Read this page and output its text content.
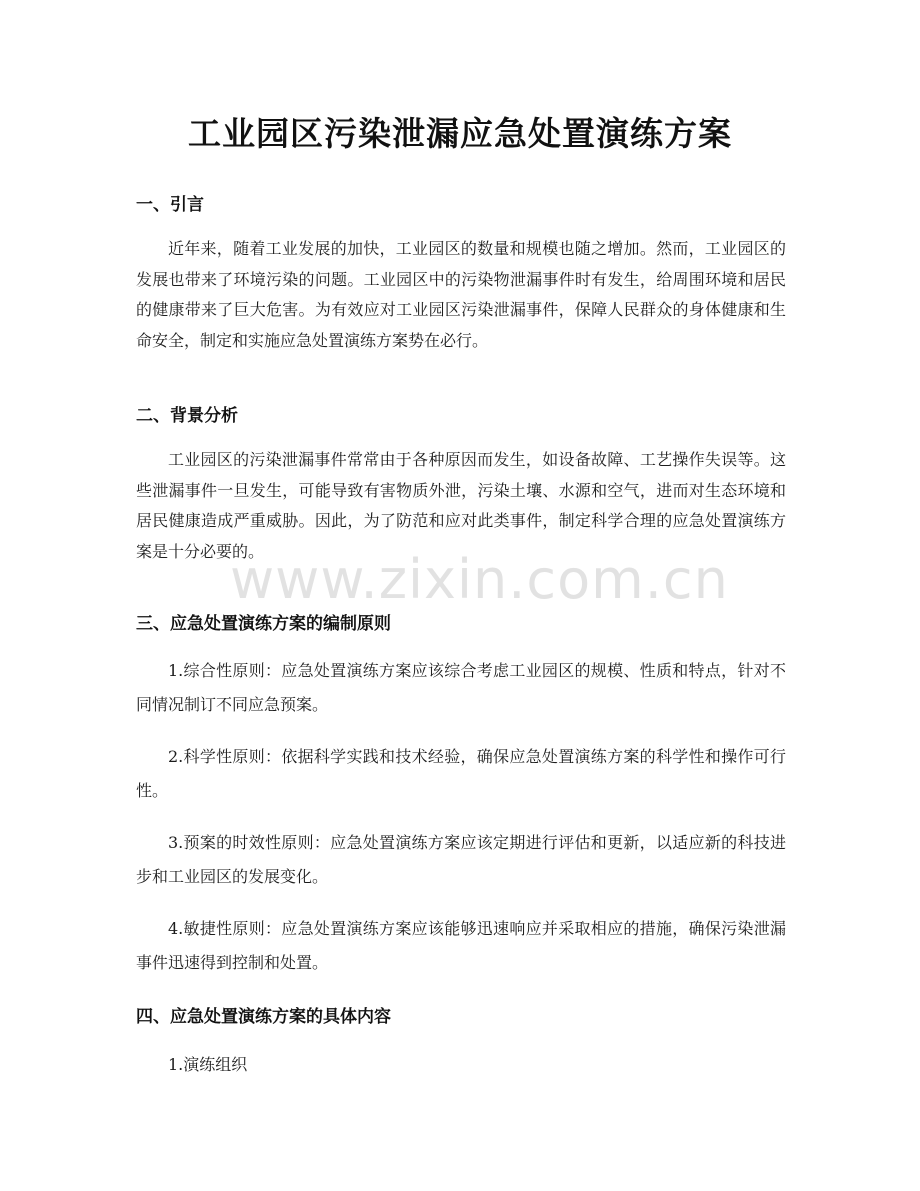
工业园区污染泄漏应急处置演练方案
一、引言

近年来，随着工业发展的加快，工业园区的数量和规模也随之增加。然而，工业园区的发展也带来了环境污染的问题。工业园区中的污染物泄漏事件时有发生，给周围环境和居民的健康带来了巨大危害。为有效应对工业园区污染泄漏事件，保障人民群众的身体健康和生命安全，制定和实施应急处置演练方案势在必行。

二、背景分析

工业园区的污染泄漏事件常常由于各种原因而发生，如设备故障、工艺操作失误等。这些泄漏事件一旦发生，可能导致有害物质外泄，污染土壤、水源和空气，进而对生态环境和居民健康造成严重威胁。因此，为了防范和应对此类事件，制定科学合理的应急处置演练方案是十分必要的。

三、应急处置演练方案的编制原则

1.综合性原则：应急处置演练方案应该综合考虑工业园区的规模、性质和特点，针对不同情况制订不同应急预案。

2.科学性原则：依据科学实践和技术经验，确保应急处置演练方案的科学性和操作可行性。

3.预案的时效性原则：应急处置演练方案应该定期进行评估和更新，以适应新的科技进步和工业园区的发展变化。

4.敏捷性原则：应急处置演练方案应该能够迅速响应并采取相应的措施，确保污染泄漏事件迅速得到控制和处置。

四、应急处置演练方案的具体内容

1.演练组织

www.zixin.com.cn
